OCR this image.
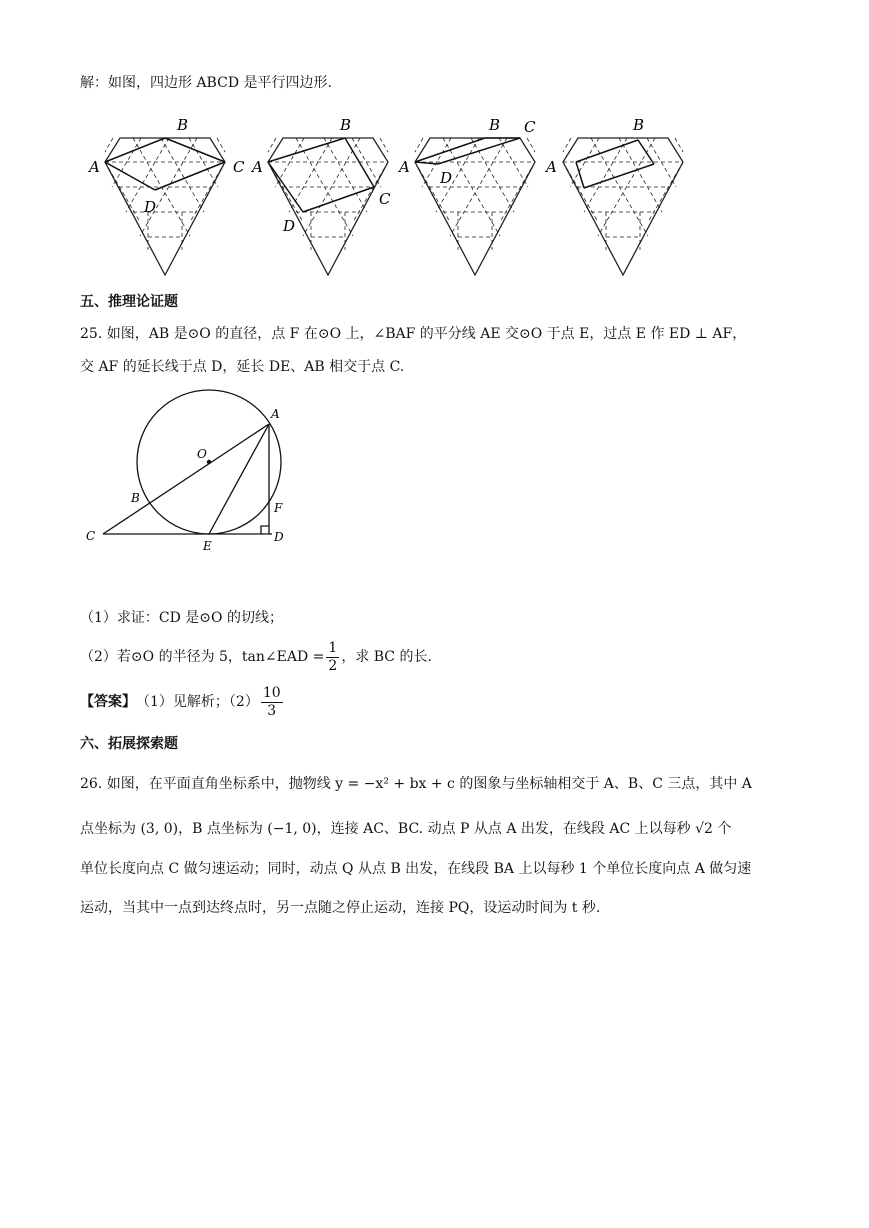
解：如图，四边形 ABCD 是平行四边形.
B
A	C
D
B
A
C
D
B C
A
D
B
A
五、推理论证题
25. 如图，AB 是⊙O 的直径，点 F 在⊙O 上，∠BAF 的平分线 AE 交⊙O 于点 E，过点 E 作 ED ⊥ AF，
交 AF 的延长线于点 D，延长 DE、AB 相交于点 C.
A
O
B
C
E
D
F
（1）求证：CD 是⊙O 的切线；
（2）若⊙O 的半径为 5，tan∠EAD = $\frac{1}{2}$ ，求 BC 的长.
【答案】 （1）见解析；$(2) \frac{10}{3}$
六、拓展探索题
26. 如图，在平面直角坐标系中，抛物线 y = −x² + bx + c 的图象与坐标轴相交于 A、B、C 三点，其中 A
点坐标为 (3, 0)，B 点坐标为 (−1, 0)，连接 AC、BC. 动点 P 从点 A 出发，在线段 AC 上以每秒 √2 个
单位长度向点 C 做匀速运动；同时，动点 Q 从点 B 出发，在线段 BA 上以每秒 1 个单位长度向点 A 做匀速
运动，当其中一点到达终点时，另一点随之停止运动，连接 PQ，设运动时间为 t 秒.
